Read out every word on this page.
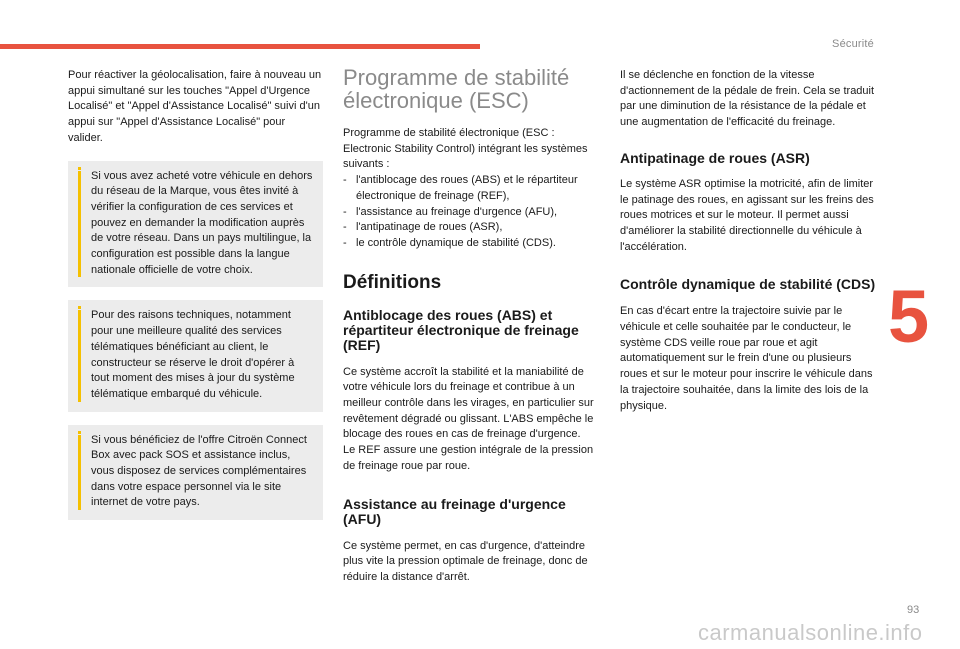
Sécurité

Pour réactiver la géolocalisation, faire à nouveau un appui simultané sur les touches "Appel d'Urgence Localisé" et "Appel d'Assistance Localisé" suivi d'un appui sur "Appel d'Assistance Localisé" pour valider.

Si vous avez acheté votre véhicule en dehors du réseau de la Marque, vous êtes invité à vérifier la configuration de ces services et pouvez en demander la modification auprès de votre réseau. Dans un pays multilingue, la configuration est possible dans la langue nationale officielle de votre choix.
Pour des raisons techniques, notamment pour une meilleure qualité des services télématiques bénéficiant au client, le constructeur se réserve le droit d'opérer à tout moment des mises à jour du système télématique embarqué du véhicule.
Si vous bénéficiez de l'offre Citroën Connect Box avec pack SOS et assistance inclus, vous disposez de services complémentaires dans votre espace personnel via le site internet de votre pays.
Programme de stabilité électronique (ESC)

Programme de stabilité électronique (ESC : Electronic Stability Control) intégrant les systèmes suivants :

- l'antiblocage des roues (ABS) et le répartiteur électronique de freinage (REF),
- l'assistance au freinage d'urgence (AFU),
- l'antipatinage de roues (ASR),
- le contrôle dynamique de stabilité (CDS).
Définitions
Antiblocage des roues (ABS) et répartiteur électronique de freinage (REF)

Ce système accroît la stabilité et la maniabilité de votre véhicule lors du freinage et contribue à un meilleur contrôle dans les virages, en particulier sur revêtement dégradé ou glissant. L'ABS empêche le blocage des roues en cas de freinage d'urgence.

Le REF assure une gestion intégrale de la pression de freinage roue par roue.

Assistance au freinage d'urgence (AFU)

Ce système permet, en cas d'urgence, d'atteindre plus vite la pression optimale de freinage, donc de réduire la distance d'arrêt.

Il se déclenche en fonction de la vitesse d'actionnement de la pédale de frein. Cela se traduit par une diminution de la résistance de la pédale et une augmentation de l'efficacité du freinage.

Antipatinage de roues (ASR)

Le système ASR optimise la motricité, afin de limiter le patinage des roues, en agissant sur les freins des roues motrices et sur le moteur. Il permet aussi d'améliorer la stabilité directionnelle du véhicule à l'accélération.

Contrôle dynamique de stabilité (CDS)

En cas d'écart entre la trajectoire suivie par le véhicule et celle souhaitée par le conducteur, le système CDS veille roue par roue et agit automatiquement sur le frein d'une ou plusieurs roues et sur le moteur pour inscrire le véhicule dans la trajectoire souhaitée, dans la limite des lois de la physique.

5
93
carmanualsonline.info
